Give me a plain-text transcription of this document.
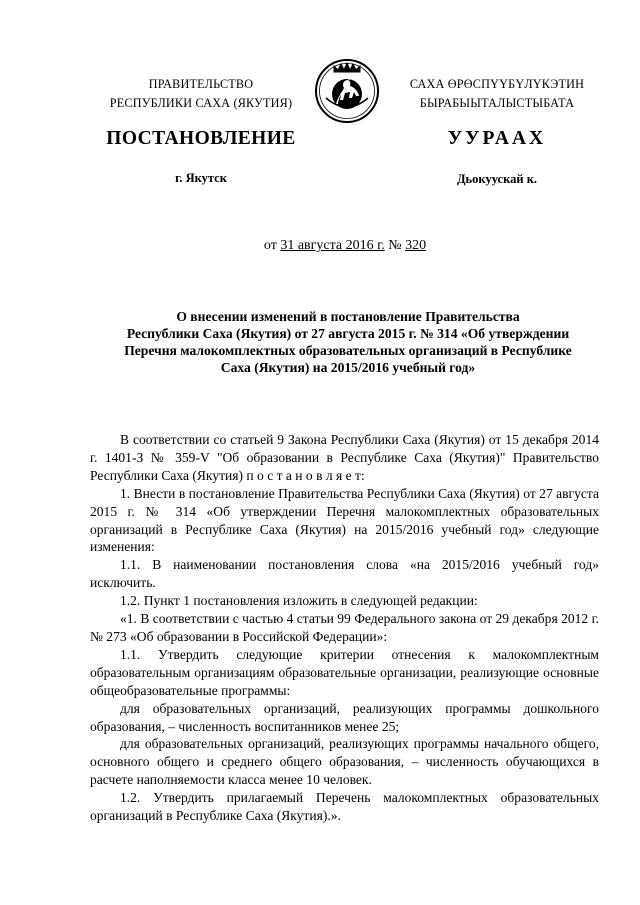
ПРАВИТЕЛЬСТВО
РЕСПУБЛИКИ САХА (ЯКУТИЯ)
САХА ӨРӨСПҮҮБҮЛҮКЭТИН
БЫРАБЫЫТАЛЫСТЫБАТА
ПОСТАНОВЛЕНИЕ	УУРААХ
г. Якутск	Дьокуускай к.
от 31 августа 2016 г. № 320
О внесении изменений в постановление Правительства
Республики Саха (Якутия) от 27 августа 2015 г. № 314 «Об утверждении
Перечня малокомплектных образовательных организаций в Республике
Саха (Якутия) на 2015/2016 учебный год»

В соответствии со статьей 9 Закона Республики Саха (Якутия) от 15 декабря 2014 г. 1401-З № 359-V "Об образовании в Республике Саха (Якутия)" Правительство Республики Саха (Якутия) п о с т а н о в л я е т:

1. Внести в постановление Правительства Республики Саха (Якутия) от 27 августа 2015 г. № 314 «Об утверждении Перечня малокомплектных образовательных организаций в Республике Саха (Якутия) на 2015/2016 учебный год» следующие изменения:

1.1. В наименовании постановления слова «на 2015/2016 учебный год» исключить.

1.2. Пункт 1 постановления изложить в следующей редакции:

«1. В соответствии с частью 4 статьи 99 Федерального закона от 29 декабря 2012 г. № 273 «Об образовании в Российской Федерации»:

1.1. Утвердить следующие критерии отнесения к малокомплектным образовательным организациям образовательные организации, реализующие основные общеобразовательные программы:

для образовательных организаций, реализующих программы дошкольного образования, – численность воспитанников менее 25;

для образовательных организаций, реализующих программы начального общего, основного общего и среднего общего образования, – численность обучающихся в расчете наполняемости класса менее 10 человек.

1.2. Утвердить прилагаемый Перечень малокомплектных образовательных организаций в Республике Саха (Якутия).».
